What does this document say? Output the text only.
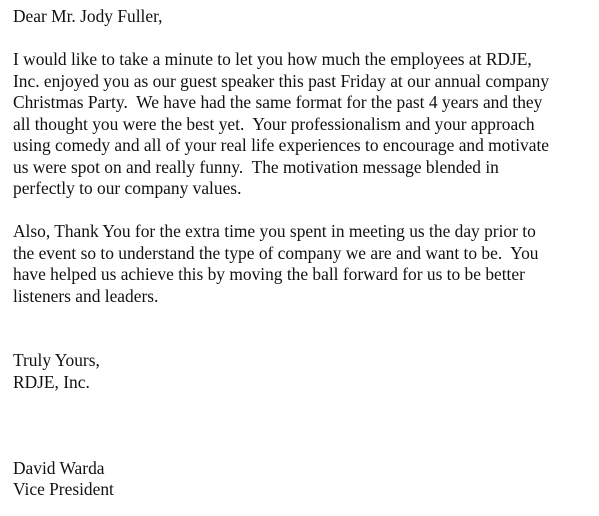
Dear Mr. Jody Fuller,
I would like to take a minute to let you how much the employees at RDJE,
Inc. enjoyed you as our guest speaker this past Friday at our annual company
Christmas Party.  We have had the same format for the past 4 years and they
all thought you were the best yet.  Your professionalism and your approach
using comedy and all of your real life experiences to encourage and motivate
us were spot on and really funny.  The motivation message blended in
perfectly to our company values.
Also, Thank You for the extra time you spent in meeting us the day prior to
the event so to understand the type of company we are and want to be.  You
have helped us achieve this by moving the ball forward for us to be better
listeners and leaders.
Truly Yours,
RDJE, Inc.
David Warda
Vice President
